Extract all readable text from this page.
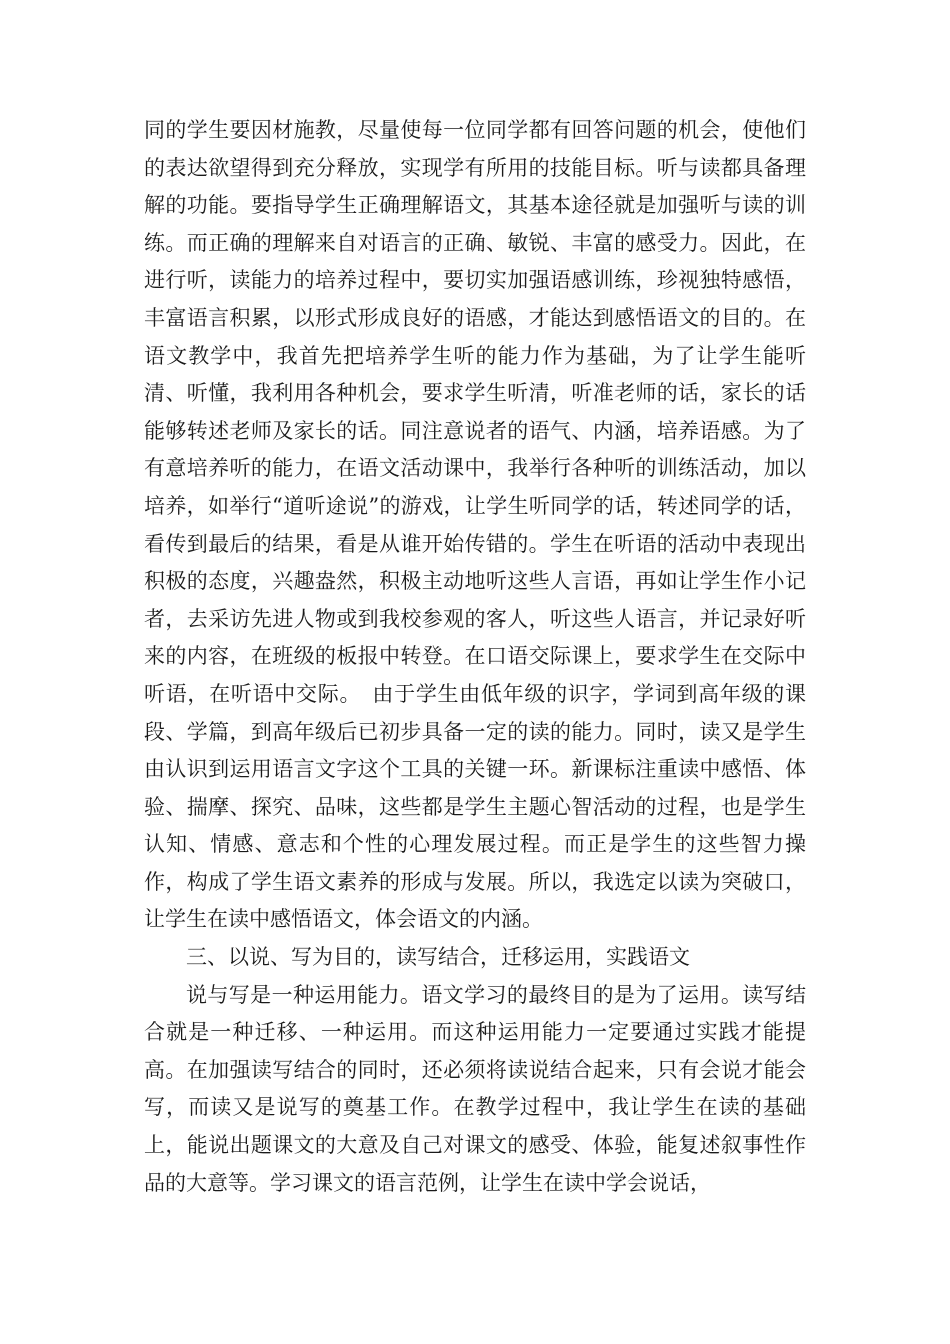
同的学生要因材施教，尽量使每一位同学都有回答问题的机会，使他们的表达欲望得到充分释放，实现学有所用的技能目标。听与读都具备理解的功能。要指导学生正确理解语文，其基本途径就是加强听与读的训练。而正确的理解来自对语言的正确、敏锐、丰富的感受力。因此，在进行听，读能力的培养过程中，要切实加强语感训练，珍视独特感悟，丰富语言积累，以形式形成良好的语感，才能达到感悟语文的目的。在语文教学中，我首先把培养学生听的能力作为基础，为了让学生能听清、听懂，我利用各种机会，要求学生听清，听准老师的话，家长的话能够转述老师及家长的话。同注意说者的语气、内涵，培养语感。为了有意培养听的能力，在语文活动课中，我举行各种听的训练活动，加以培养，如举行“道听途说”的游戏，让学生听同学的话，转述同学的话，看传到最后的结果，看是从谁开始传错的。学生在听语的活动中表现出积极的态度，兴趣盎然，积极主动地听这些人言语，再如让学生作小记者，去采访先进人物或到我校参观的客人，听这些人语言，并记录好听来的内容，在班级的板报中转登。在口语交际课上，要求学生在交际中听语，在听语中交际。　由于学生由低年级的识字，学词到高年级的课段、学篇，到高年级后已初步具备一定的读的能力。同时，读又是学生由认识到运用语言文字这个工具的关键一环。新课标注重读中感悟、体验、揣摩、探究、品味，这些都是学生主题心智活动的过程，也是学生认知、情感、意志和个性的心理发展过程。而正是学生的这些智力操作，构成了学生语文素养的形成与发展。所以，我选定以读为突破口，让学生在读中感悟语文，体会语文的内涵。

三、以说、写为目的，读写结合，迁移运用，实践语文

说与写是一种运用能力。语文学习的最终目的是为了运用。读写结合就是一种迁移、一种运用。而这种运用能力一定要通过实践才能提高。在加强读写结合的同时，还必须将读说结合起来，只有会说才能会写，而读又是说写的奠基工作。在教学过程中，我让学生在读的基础上，能说出题课文的大意及自己对课文的感受、体验，能复述叙事性作品的大意等。学习课文的语言范例，让学生在读中学会说话，
